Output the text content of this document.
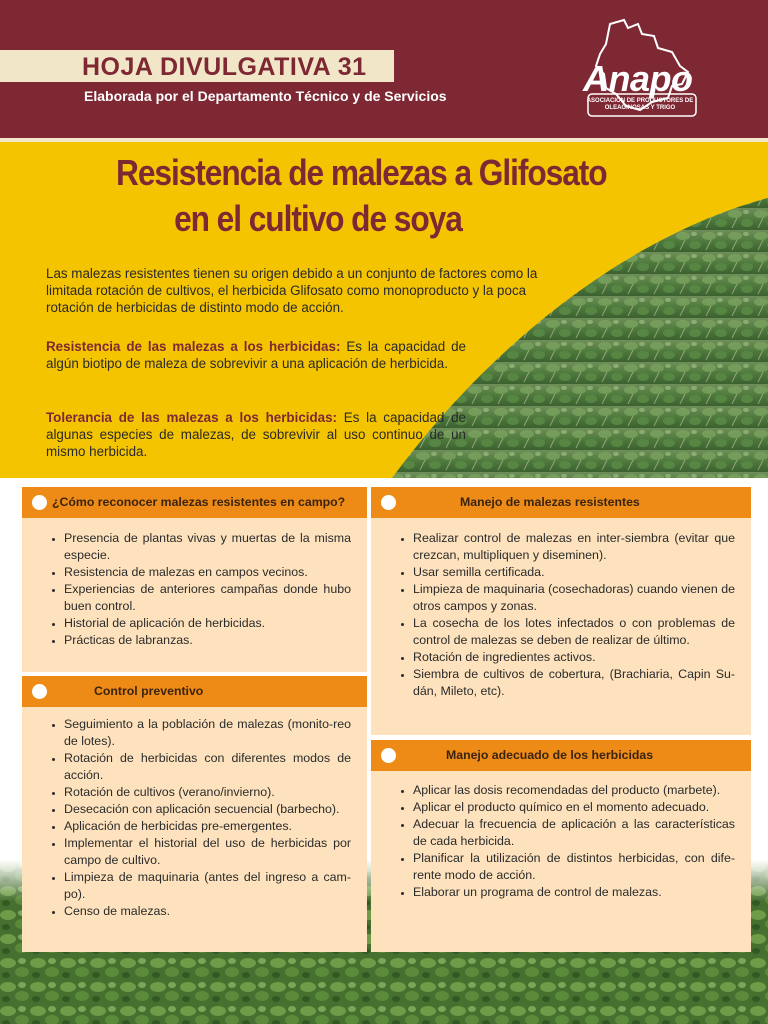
HOJA DIVULGATIVA 31
Elaborada por el Departamento Técnico y de Servicios	Anapo
ASOCIACIÓN DE PRODUCTORES DE OLEAGINOSAS Y TRIGO
Resistencia de malezas a Glifosato
en el cultivo de soya
Las malezas resistentes tienen su origen debido a un conjunto de factores como la limitada rotación de cultivos, el herbicida Glifosato como monoproducto y la poca rotación de herbicidas de distinto modo de acción.
Resistencia de las malezas a los herbicidas: Es la capacidad de algún biotipo de maleza de sobrevivir a una aplicación de herbicida.
Tolerancia de las malezas a los herbicidas: Es la capacidad de algunas especies de malezas, de sobrevivir al uso continuo de un mismo herbicida.
¿Cómo reconocer malezas resistentes en campo?
• Presencia de plantas vivas y muertas de la misma especie.
• Resistencia de malezas en campos vecinos.
• Experiencias de anteriores campañas donde hubo buen control.
• Historial de aplicación de herbicidas.
• Prácticas de labranzas.
Control preventivo
• Seguimiento a la población de malezas (monito-reo de lotes).
• Rotación de herbicidas con diferentes modos de acción.
• Rotación de cultivos (verano/invierno).
• Desecación con aplicación secuencial (barbecho).
• Aplicación de herbicidas pre-emergentes.
• Implementar el historial del uso de herbicidas por campo de cultivo.
• Limpieza de maquinaria (antes del ingreso a cam-po).
• Censo de malezas.
Manejo de malezas resistentes
• Realizar control de malezas en inter-siembra (evitar que crezcan, multipliquen y diseminen).
• Usar semilla certificada.
• Limpieza de maquinaria (cosechadoras) cuando vienen de otros campos y zonas.
• La cosecha de los lotes infectados o con problemas de control de malezas se deben de realizar de último.
• Rotación de ingredientes activos.
• Siembra de cultivos de cobertura, (Brachiaria, Capin Su-dán, Mileto, etc).
Manejo adecuado de los herbicidas
• Aplicar las dosis recomendadas del producto (marbete).
• Aplicar el producto químico en el momento adecuado.
• Adecuar la frecuencia de aplicación a las características de cada herbicida.
• Planificar la utilización de distintos herbicidas, con dife-rente modo de acción.
• Elaborar un programa de control de malezas.
